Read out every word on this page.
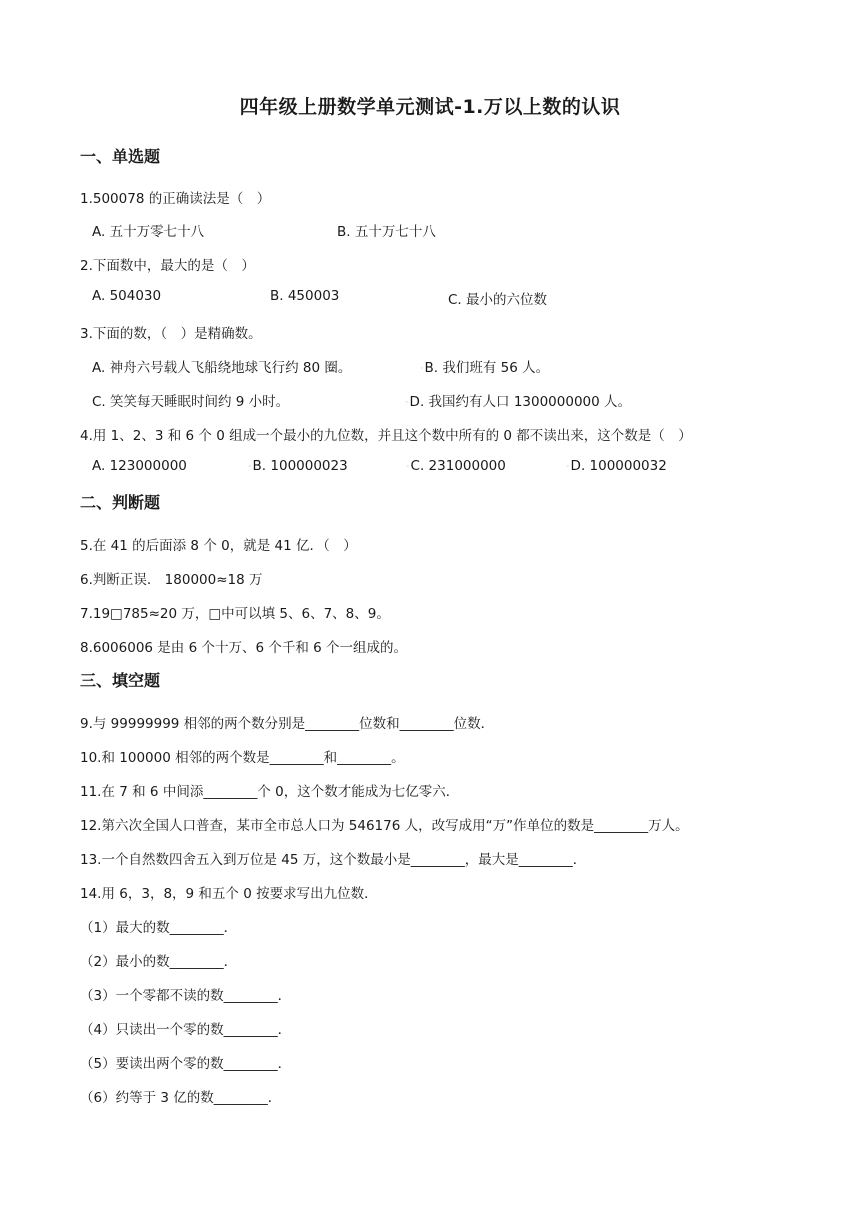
四年级上册数学单元测试-1.万以上数的认识
一、单选题
1.500078 的正确读法是（　）
A. 五十万零七十八	B. 五十万七十八
2.下面数中，最大的是（　）
A. 504030	B. 450003	C. 最小的六位数
3.下面的数，（　）是精确数。
A. 神舟六号载人飞船绕地球飞行约 80 圈。	◦B. 我们班有 56 人。
C. 笑笑每天睡眠时间约 9 小时。	◦D. 我国约有人口 1300000000 人。
4.用 1、2、3 和 6 个 0 组成一个最小的九位数，并且这个数中所有的 0 都不读出来，这个数是（　）
A. 123000000	◦B. 100000023	◦C. 231000000	◦D. 100000032
二、判断题
5.在 41 的后面添 8 个 0，就是 41 亿．（　）
6.判断正误.　180000≈18 万
7.19□785≈20 万，□中可以填 5、6、7、8、9。
8.6006006 是由 6 个十万、6 个千和 6 个一组成的。
三、填空题
9.与 99999999 相邻的两个数分别是________位数和________位数．
10.和 100000 相邻的两个数是________和________。
11.在 7 和 6 中间添________个 0，这个数才能成为七亿零六．
12.第六次全国人口普查，某市全市总人口为 546176 人，改写成用“万”作单位的数是________万人。
13.一个自然数四舍五入到万位是 45 万，这个数最小是________，最大是________．
14.用 6，3，8，9 和五个 0 按要求写出九位数．
（1）最大的数________．
（2）最小的数________．
（3）一个零都不读的数________．
（4）只读出一个零的数________．
（5）要读出两个零的数________．
（6）约等于 3 亿的数________．
